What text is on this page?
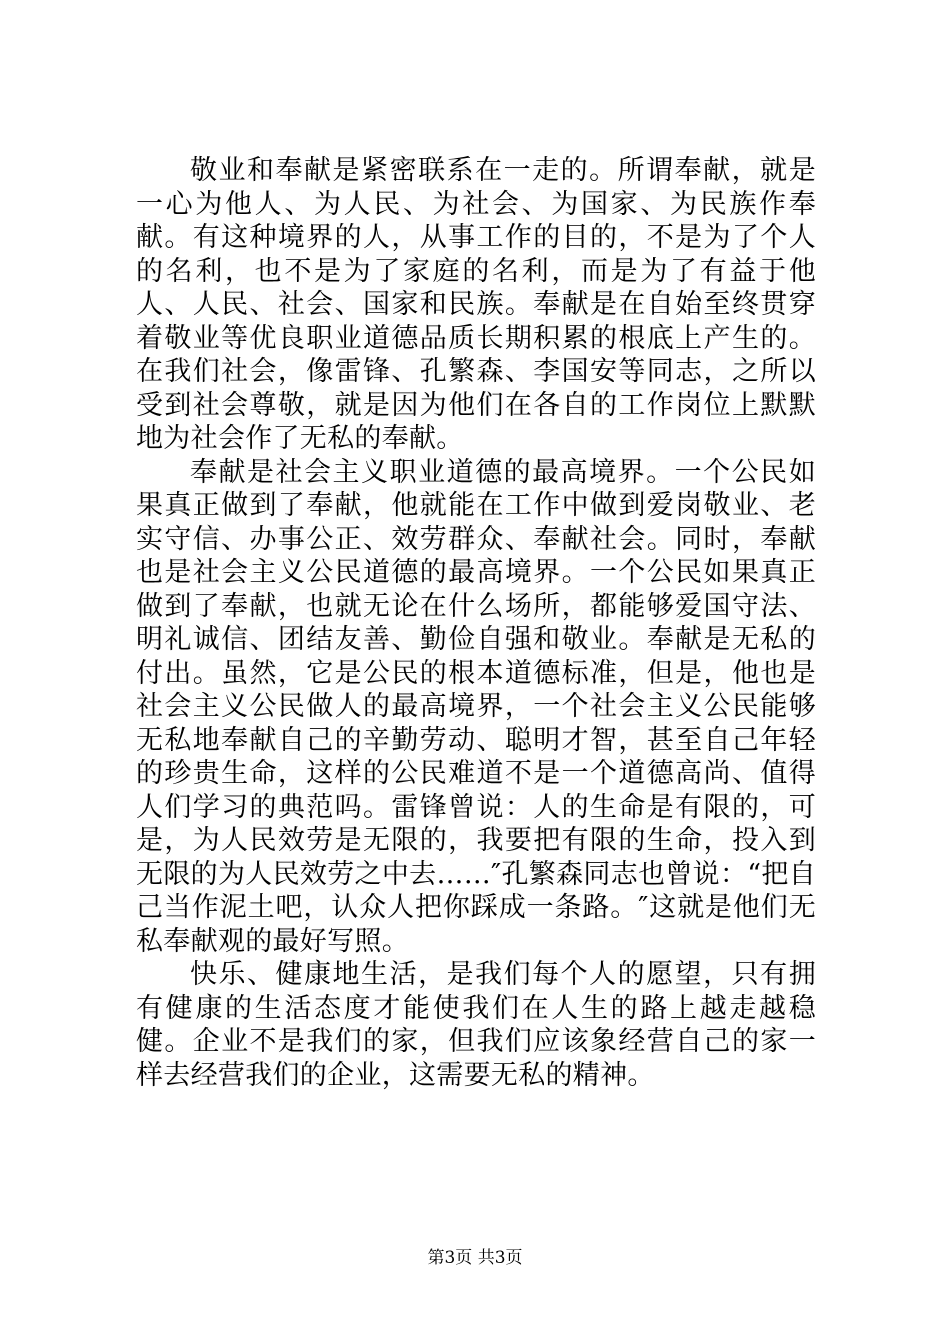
敬业和奉献是紧密联系在一走的。所谓奉献，就是一心为他人、为人民、为社会、为国家、为民族作奉献。有这种境界的人，从事工作的目的，不是为了个人的名利，也不是为了家庭的名利，而是为了有益于他人、人民、社会、国家和民族。奉献是在自始至终贯穿着敬业等优良职业道德品质长期积累的根底上产生的。在我们社会，像雷锋、孔繁森、李国安等同志，之所以受到社会尊敬，就是因为他们在各自的工作岗位上默默地为社会作了无私的奉献。

奉献是社会主义职业道德的最高境界。一个公民如果真正做到了奉献，他就能在工作中做到爱岗敬业、老实守信、办事公正、效劳群众、奉献社会。同时，奉献也是社会主义公民道德的最高境界。一个公民如果真正做到了奉献，也就无论在什么场所，都能够爱国守法、明礼诚信、团结友善、勤俭自强和敬业。奉献是无私的付出。虽然，它是公民的根本道德标准，但是，他也是社会主义公民做人的最高境界，一个社会主义公民能够无私地奉献自己的辛勤劳动、聪明才智，甚至自己年轻的珍贵生命，这样的公民难道不是一个道德高尚、值得人们学习的典范吗。雷锋曾说：人的生命是有限的，可是，为人民效劳是无限的，我要把有限的生命，投入到无限的为人民效劳之中去……″孔繁森同志也曾说：“把自己当作泥土吧，认众人把你踩成一条路。″这就是他们无私奉献观的最好写照。

快乐、健康地生活，是我们每个人的愿望，只有拥有健康的生活态度才能使我们在人生的路上越走越稳健。企业不是我们的家，但我们应该象经营自己的家一样去经营我们的企业，这需要无私的精神。

第3页 共3页
